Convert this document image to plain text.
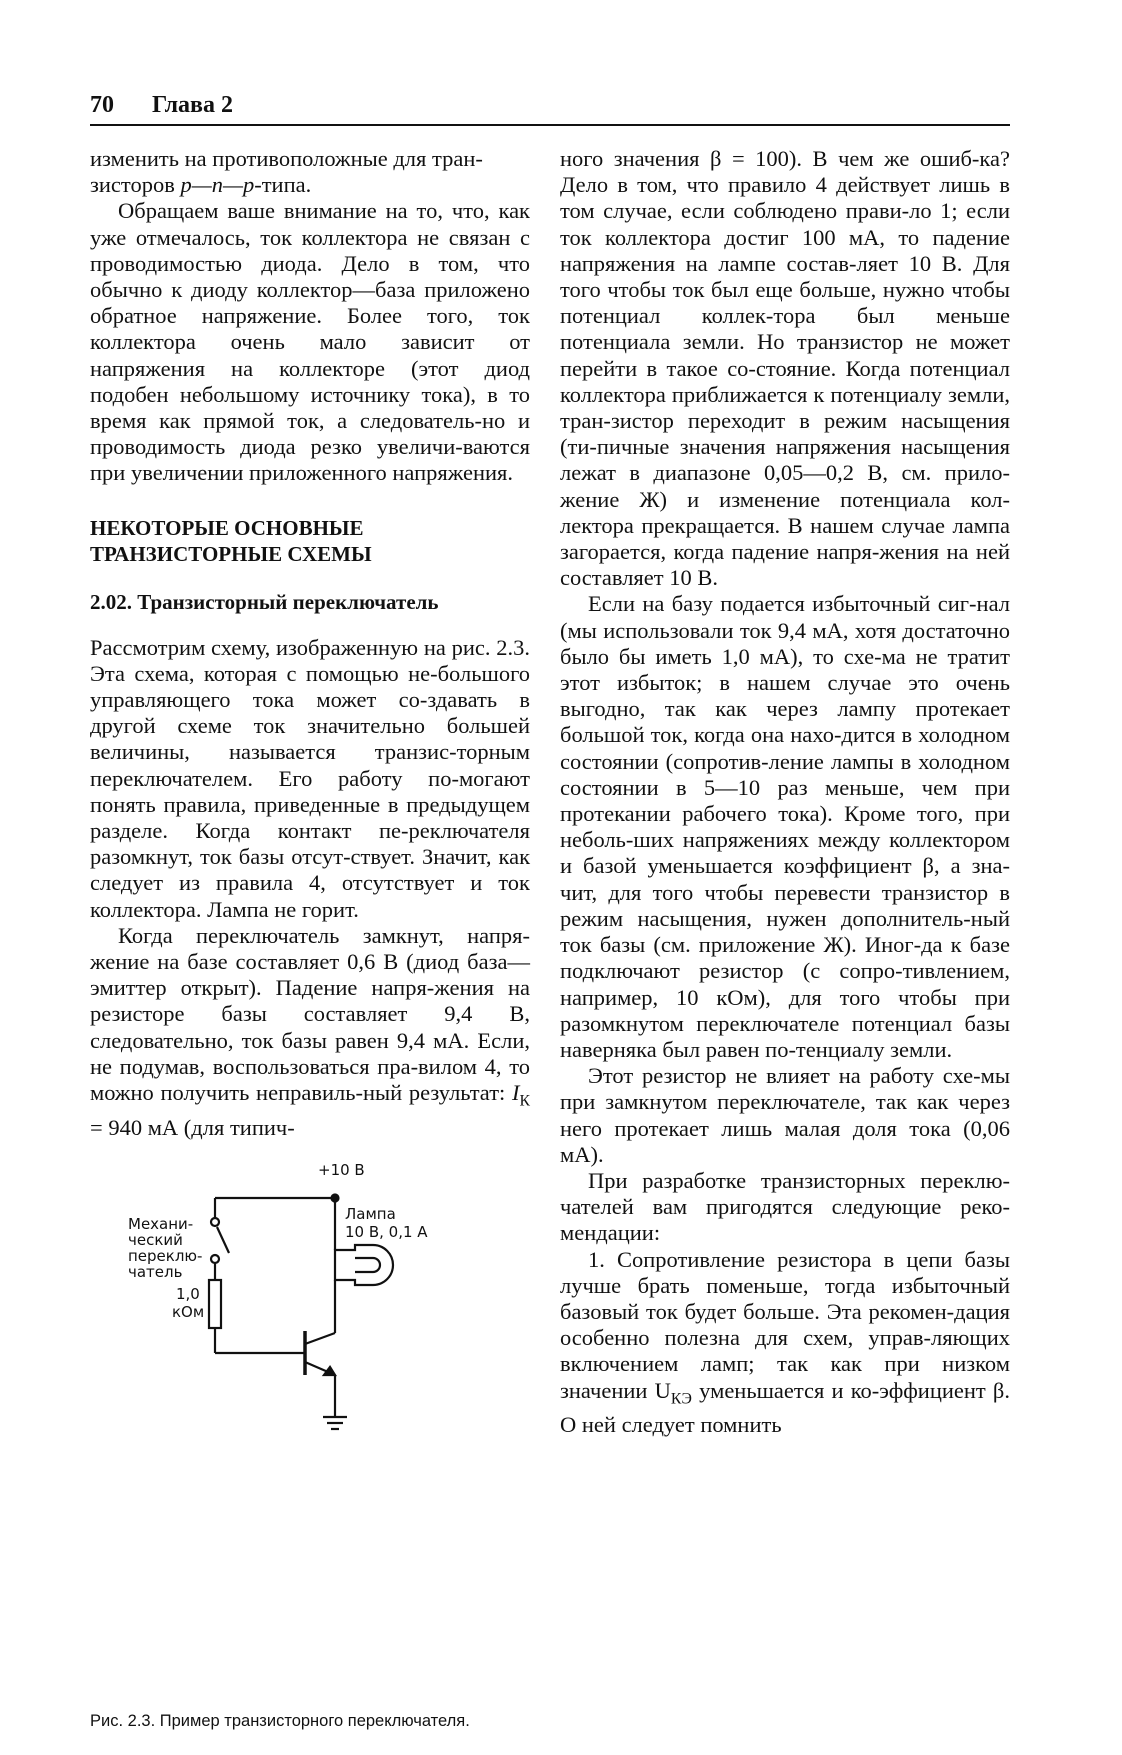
70 Глава 2

изменить на противоположные для тран-
зисторов p—n—p-типа.

Обращаем ваше внимание на то, что, как уже отмечалось, ток коллектора не связан с проводимостью диода. Дело в том, что обычно к диоду коллектор—база приложено обратное напряжение. Более того, ток коллектора очень мало зависит от напряжения на коллекторе (этот диод подобен небольшому источнику тока), в то время как прямой ток, а следователь-но и проводимость диода резко увеличи-ваются при увеличении приложенного напряжения.

НЕКОТОРЫЕ ОСНОВНЫЕ
ТРАНЗИСТОРНЫЕ СХЕМЫ
2.02. Транзисторный переключатель

Рассмотрим схему, изображенную на рис. 2.3. Эта схема, которая с помощью не-большого управляющего тока может со-здавать в другой схеме ток значительно большей величины, называется транзис-торным переключателем. Его работу по-могают понять правила, приведенные в предыдущем разделе. Когда контакт пе-реключателя разомкнут, ток базы отсут-ствует. Значит, как следует из правила 4, отсутствует и ток коллектора. Лампа не горит.

Когда переключатель замкнут, напря-жение на базе составляет 0,6 В (диод база—эмиттер открыт). Падение напря-жения на резисторе базы составляет 9,4 В, следовательно, ток базы равен 9,4 мА. Если, не подумав, воспользоваться пра-вилом 4, то можно получить неправиль-ный результат: $I_К = 940$ мА (для типич-

ного значения β = 100). В чем же ошиб-ка? Дело в том, что правило 4 действует лишь в том случае, если соблюдено прави-ло 1; если ток коллектора достиг 100 мА, то падение напряжения на лампе состав-ляет 10 В. Для того чтобы ток был еще больше, нужно чтобы потенциал коллек-тора был меньше потенциала земли. Но транзистор не может перейти в такое со-стояние. Когда потенциал коллектора приближается к потенциалу земли, тран-зистор переходит в режим насыщения (ти-пичные значения напряжения насыщения лежат в диапазоне 0,05—0,2 В, см. прило-жение Ж) и изменение потенциала кол-лектора прекращается. В нашем случае лампа загорается, когда падение напря-жения на ней составляет 10 В.

Если на базу подается избыточный сиг-нал (мы использовали ток 9,4 мА, хотя достаточно было бы иметь 1,0 мА), то схе-ма не тратит этот избыток; в нашем случае это очень выгодно, так как через лампу протекает большой ток, когда она нахо-дится в холодном состоянии (сопротив-ление лампы в холодном состоянии в 5—10 раз меньше, чем при протекании рабочего тока). Кроме того, при неболь-ших напряжениях между коллектором и базой уменьшается коэффициент β, а зна-чит, для того чтобы перевести транзистор в режим насыщения, нужен дополнитель-ный ток базы (см. приложение Ж). Иног-да к базе подключают резистор (с сопро-тивлением, например, 10 кОм), для того чтобы при разомкнутом переключателе потенциал базы наверняка был равен по-тенциалу земли.

Этот резистор не влияет на работу схе-мы при замкнутом переключателе, так как через него протекает лишь малая доля тока (0,06 мА).

При разработке транзисторных переклю-чателей вам пригодятся следующие реко-мендации:

1. Сопротивление резистора в цепи базы лучше брать поменьше, тогда избыточный базовый ток будет больше. Эта рекомен-дация особенно полезна для схем, управ-ляющих включением ламп; так как при низком значении $U_{КЭ}$ уменьшается и ко-эффициент β. О ней следует помнить

+10 В
Механи-
ческий
переклю-
чатель
1,0
кОм
Лампа
10 В, 0,1 А
Рис. 2.3. Пример транзисторного переключателя.
